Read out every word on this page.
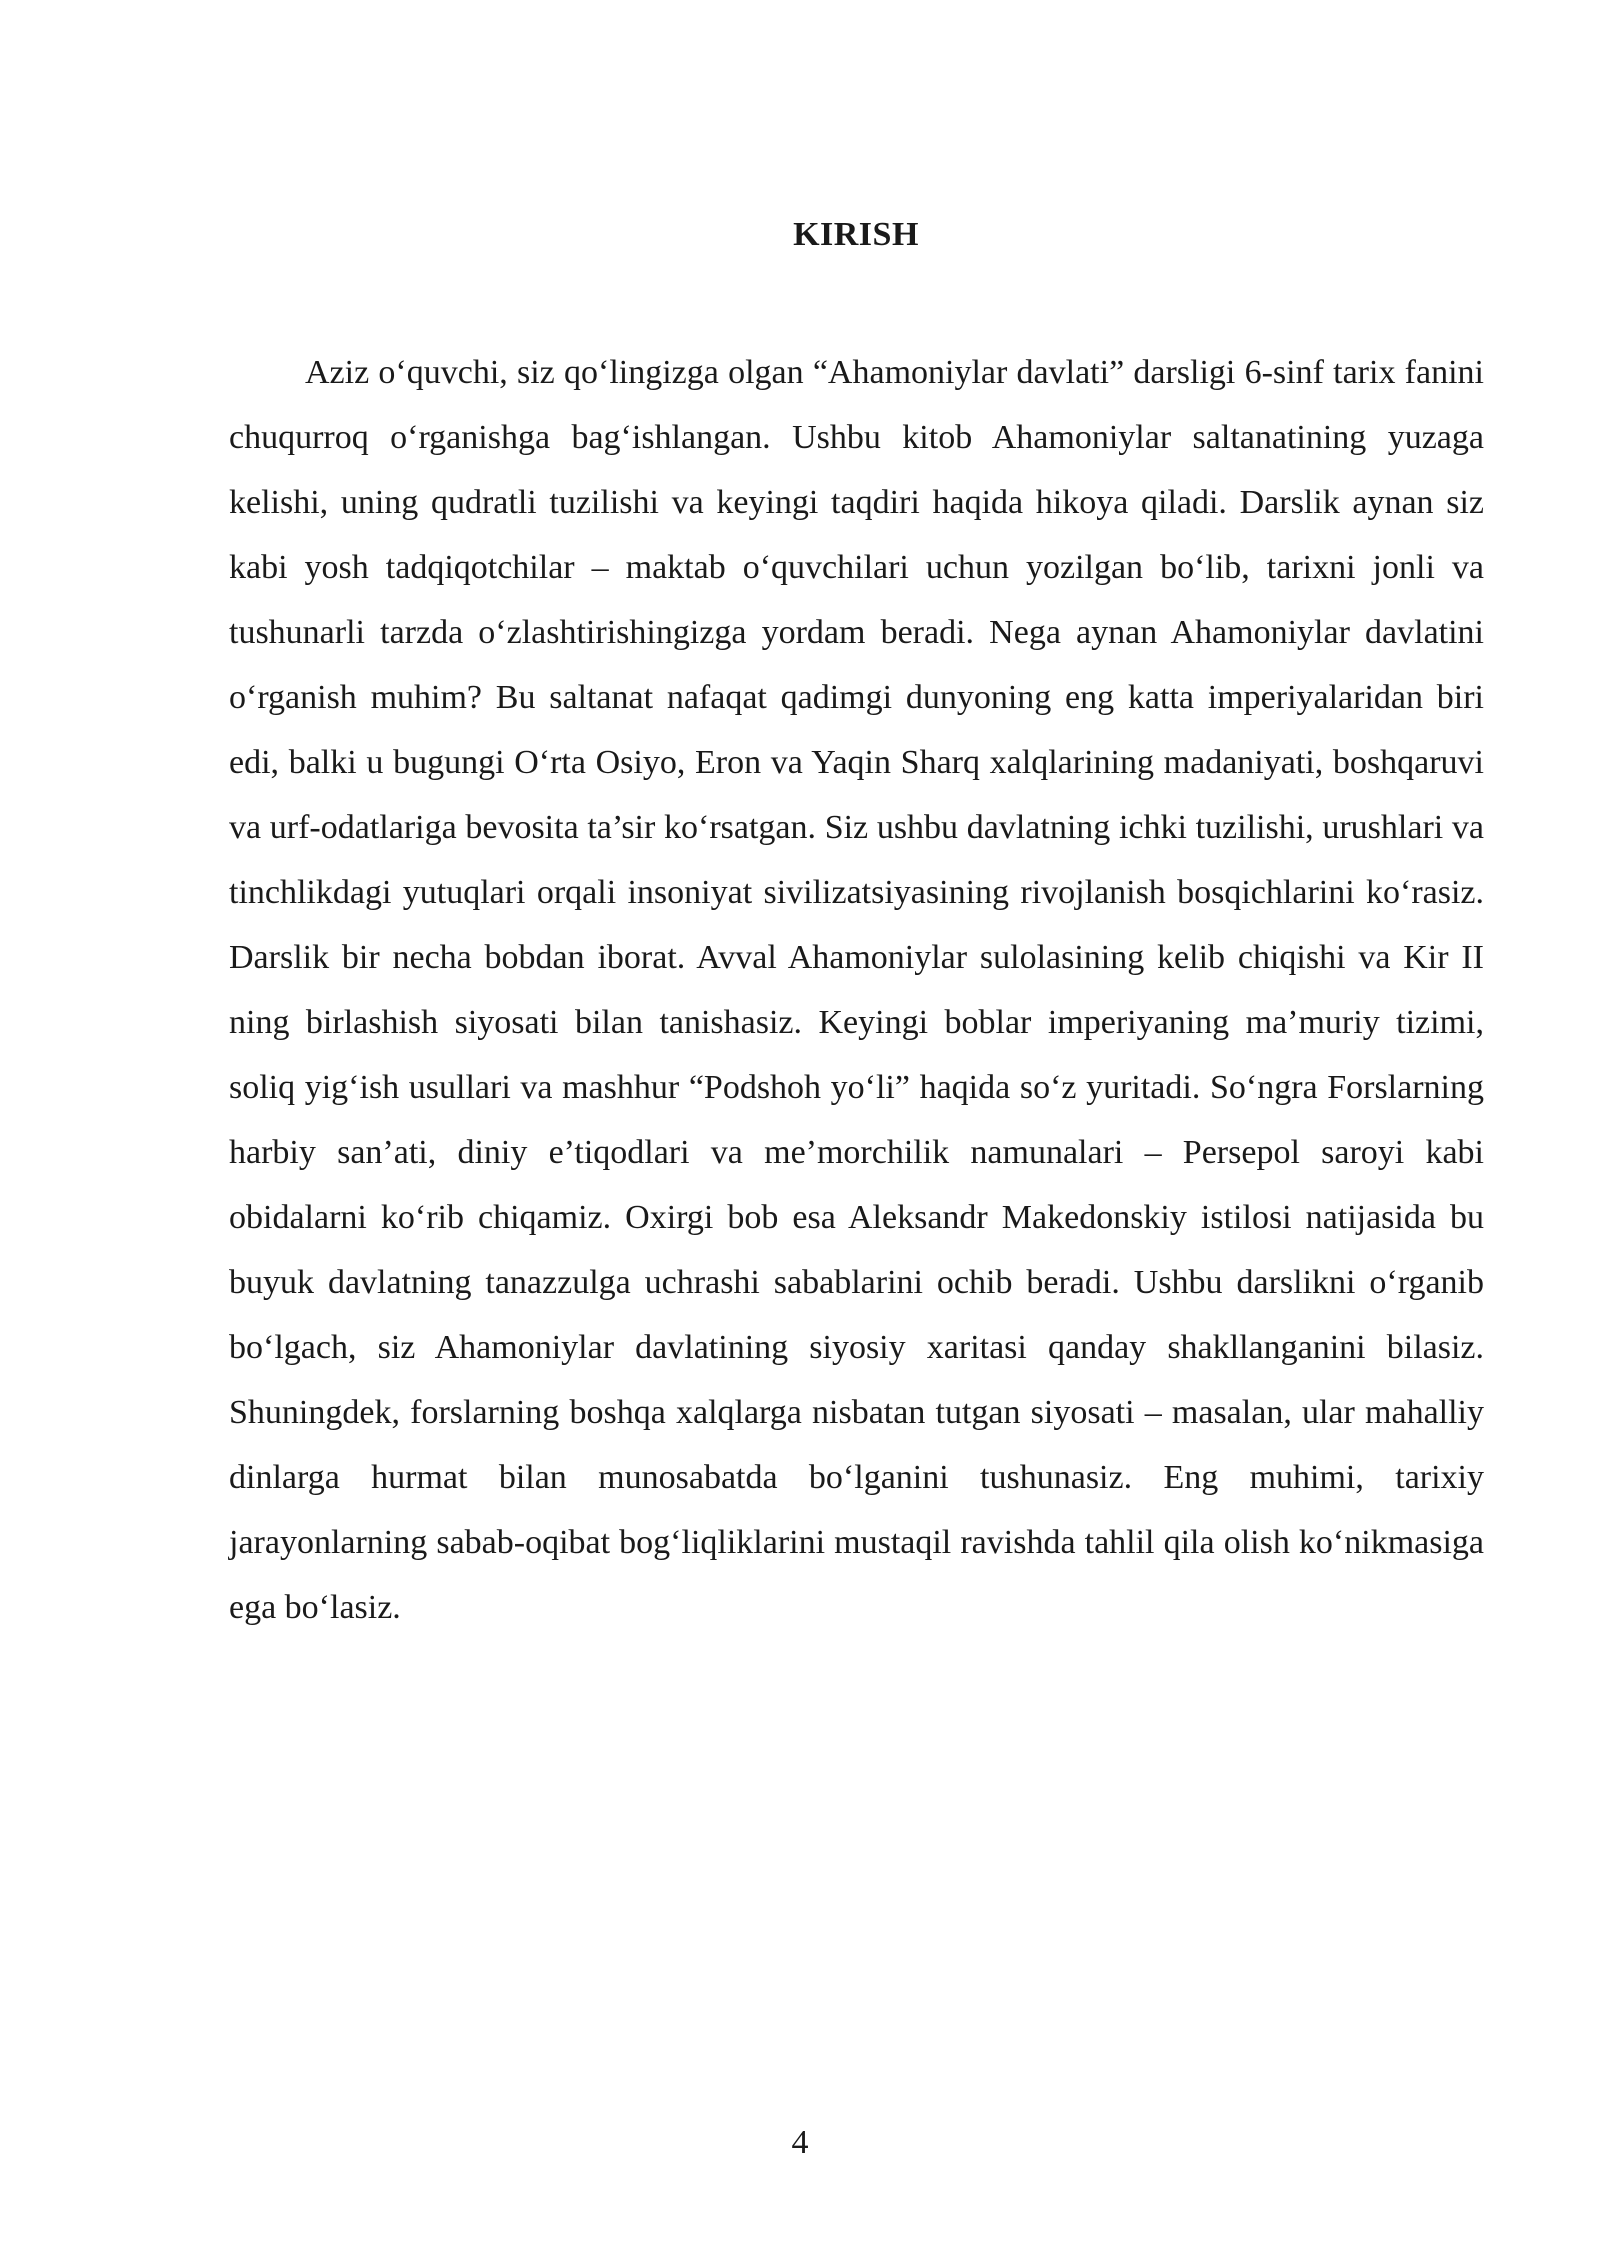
KIRISH

Aziz o‘quvchi, siz qo‘lingizga olgan “Ahamoniylar davlati” darsligi 6-sinf tarix fanini chuqurroq o‘rganishga bag‘ishlangan. Ushbu kitob Ahamoniylar saltanatining yuzaga kelishi, uning qudratli tuzilishi va keyingi taqdiri haqida hikoya qiladi. Darslik aynan siz kabi yosh tadqiqotchilar – maktab o‘quvchilari uchun yozilgan bo‘lib, tarixni jonli va tushunarli tarzda o‘zlashtirishingizga yordam beradi. Nega aynan Ahamoniylar davlatini o‘rganish muhim? Bu saltanat nafaqat qadimgi dunyoning eng katta imperiyalaridan biri edi, balki u bugungi O‘rta Osiyo, Eron va Yaqin Sharq xalqlarining madaniyati, boshqaruvi va urf-odatlariga bevosita ta’sir ko‘rsatgan. Siz ushbu davlatning ichki tuzilishi, urushlari va tinchlikdagi yutuqlari orqali insoniyat sivilizatsiyasining rivojlanish bosqichlarini ko‘rasiz. Darslik bir necha bobdan iborat. Avval Ahamoniylar sulolasining kelib chiqishi va Kir II ning birlashish siyosati bilan tanishasiz. Keyingi boblar imperiyaning ma’muriy tizimi, soliq yig‘ish usullari va mashhur “Podshoh yo‘li” haqida so‘z yuritadi. So‘ngra Forslarning harbiy san’ati, diniy e’tiqodlari va me’morchilik namunalari – Persepol saroyi kabi obidalarni ko‘rib chiqamiz. Oxirgi bob esa Aleksandr Makedonskiy istilosi natijasida bu buyuk davlatning tanazzulga uchrashi sabablarini ochib beradi. Ushbu darslikni o‘rganib bo‘lgach, siz Ahamoniylar davlatining siyosiy xaritasi qanday shakllanganini bilasiz. Shuningdek, forslarning boshqa xalqlarga nisbatan tutgan siyosati – masalan, ular mahalliy dinlarga hurmat bilan munosabatda bo‘lganini tushunasiz. Eng muhimi, tarixiy jarayonlarning sabab-oqibat bog‘liqliklarini mustaqil ravishda tahlil qila olish ko‘nikmasiga ega bo‘lasiz.

4
